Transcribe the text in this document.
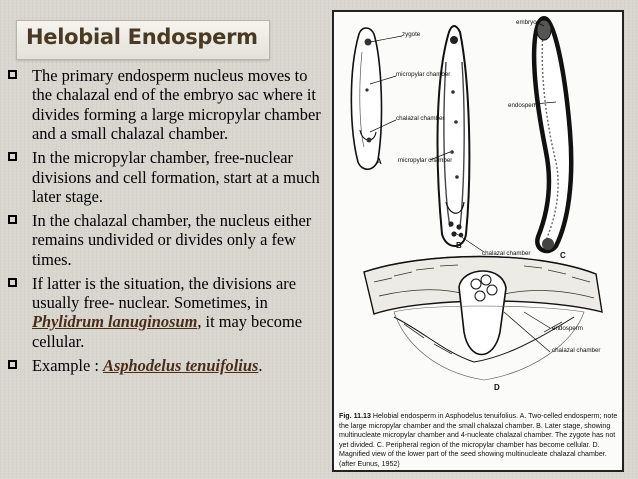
Helobial Endosperm
The primary endosperm nucleus moves to the chalazal end of the embryo sac where it divides forming a large micropylar chamber and a small chalazal chamber.
In the micropylar chamber, free-nuclear divisions and cell formation, start at a much later stage.
In the chalazal chamber, the nucleus either remains undivided or divides only a few times.
If latter is the situation, the divisions are usually free- nuclear. Sometimes, in Phylidrum lanuginosum, it may become cellular.
Example : Asphodelus tenuifolius.
zygote
embryo
micropylar chamber
chalazal chamber
micropylar chamber
endosperm
chalazal chamber
endosperm
chalazal chamber
A
B
C
D
Fig. 11.13 Helobial endosperm in Asphodelus tenuifolius. A. Two-celled endosperm; note the large micropylar chamber and the small chalazal chamber. B. Later stage, showing multinucleate micropylar chamber and 4-nucleate chalazal chamber. The zygote has not yet divided. C. Peripheral region of the micropylar chamber has become cellular. D. Magnified view of the lower part of the seed showing multinucleate chalazal chamber. (after Eunus, 1952)
